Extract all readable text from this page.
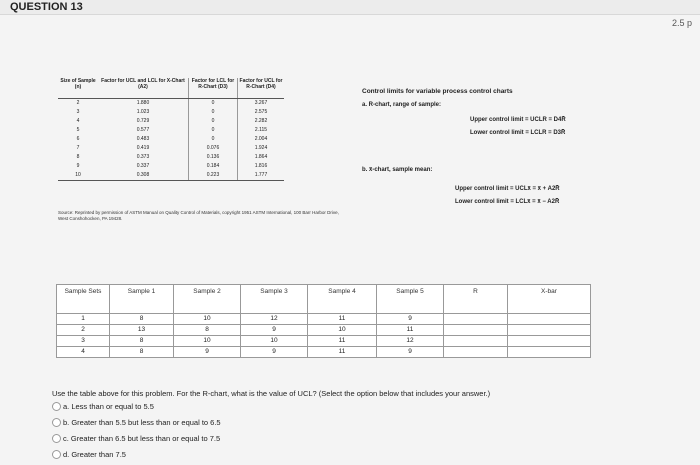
QUESTION 13
2.5 p
Size of Sample (n)	Factor for UCL and LCL for X-Chart (A2)	Factor for LCL for R-Chart (D3)	Factor for UCL for R-Chart (D4)
2	1.880	0	3.267
3	1.023	0	2.575
4	0.729	0	2.282
5	0.577	0	2.115
6	0.483	0	2.004
7	0.419	0.076	1.924
8	0.373	0.136	1.864
9	0.337	0.184	1.816
10	0.308	0.223	1.777
Source: Reprinted by permission of ASTM Manual on Quality Control of Materials, copyright 1951 ASTM International, 100 Barr Harbor Drive, West Conshohocken, PA 19428.
Control limits for variable process control charts
a. R-chart, range of sample:
Upper control limit = UCLR = D4R̄
Lower control limit = LCLR = D3R̄
b. x̄-chart, sample mean:
Upper control limit = UCLx̄ = x̄ + A2R̄
Lower control limit = LCLx̄ = x̄ − A2R̄
Sample Sets	Sample 1	Sample 2	Sample 3	Sample 4	Sample 5	R	X-bar
1	8	10	12	11	9		
2	13	8	9	10	11		
3	8	10	10	11	12		
4	8	9	9	11	9		
Use the table above for this problem. For the R-chart, what is the value of UCL? (Select the option below that includes your answer.)
a. Less than or equal to 5.5
b. Greater than 5.5 but less than or equal to 6.5
c. Greater than 6.5 but less than or equal to 7.5
d. Greater than 7.5
